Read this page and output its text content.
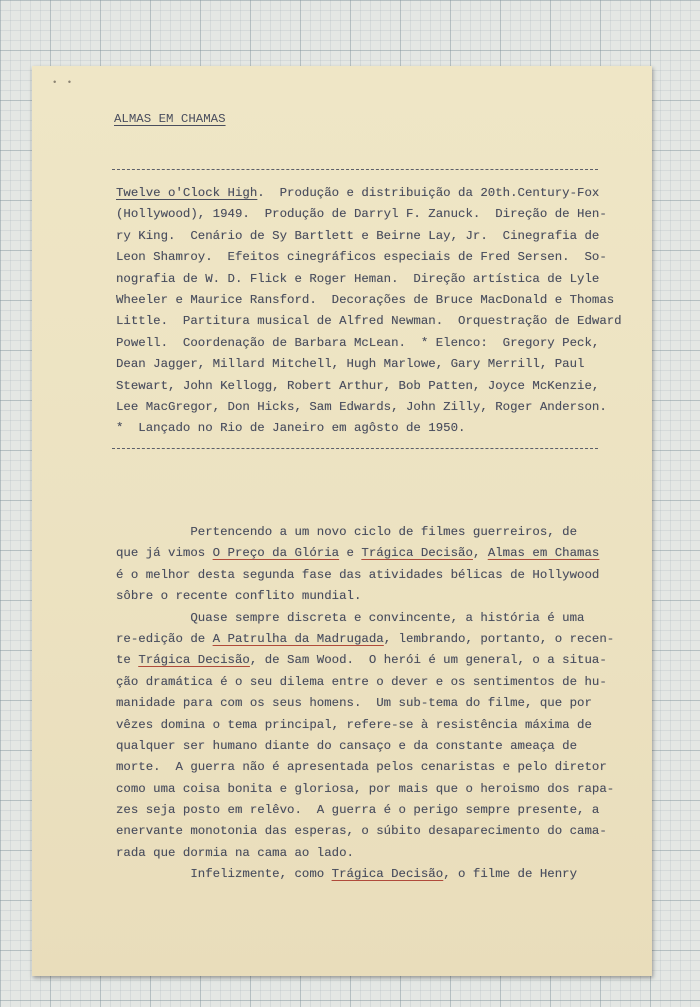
• •
ALMAS EM CHAMAS
Twelve o'Clock High.  Produção e distribuição da 20th.Century-Fox
(Hollywood), 1949.  Produção de Darryl F. Zanuck.  Direção de Hen-
ry King.  Cenário de Sy Bartlett e Beirne Lay, Jr.  Cinegrafia de
Leon Shamroy.  Efeitos cinegráficos especiais de Fred Sersen.  So-
nografia de W. D. Flick e Roger Heman.  Direção artística de Lyle
Wheeler e Maurice Ransford.  Decorações de Bruce MacDonald e Thomas
Little.  Partitura musical de Alfred Newman.  Orquestração de Edward
Powell.  Coordenação de Barbara McLean.  * Elenco:  Gregory Peck,
Dean Jagger, Millard Mitchell, Hugh Marlowe, Gary Merrill, Paul
Stewart, John Kellogg, Robert Arthur, Bob Patten, Joyce McKenzie,
Lee MacGregor, Don Hicks, Sam Edwards, John Zilly, Roger Anderson.
*  Lançado no Rio de Janeiro em agôsto de 1950.
Pertencendo a um novo ciclo de filmes guerreiros, de
que já vimos O Preço da Glória e Trágica Decisão, Almas em Chamas
é o melhor desta segunda fase das atividades bélicas de Hollywood
sôbre o recente conflito mundial.
Quase sempre discreta e convincente, a história é uma
re-edição de A Patrulha da Madrugada, lembrando, portanto, o recen-
te Trágica Decisão, de Sam Wood.  O herói é um general, o a situa-
ção dramática é o seu dilema entre o dever e os sentimentos de hu-
manidade para com os seus homens.  Um sub-tema do filme, que por
vêzes domina o tema principal, refere-se à resistência máxima de
qualquer ser humano diante do cansaço e da constante ameaça de
morte.  A guerra não é apresentada pelos cenaristas e pelo diretor
como uma coisa bonita e gloriosa, por mais que o heroismo dos rapa-
zes seja posto em relêvo.  A guerra é o perigo sempre presente, a
enervante monotonia das esperas, o súbito desaparecimento do cama-
rada que dormia na cama ao lado.
Infelizmente, como Trágica Decisão, o filme de Henry
